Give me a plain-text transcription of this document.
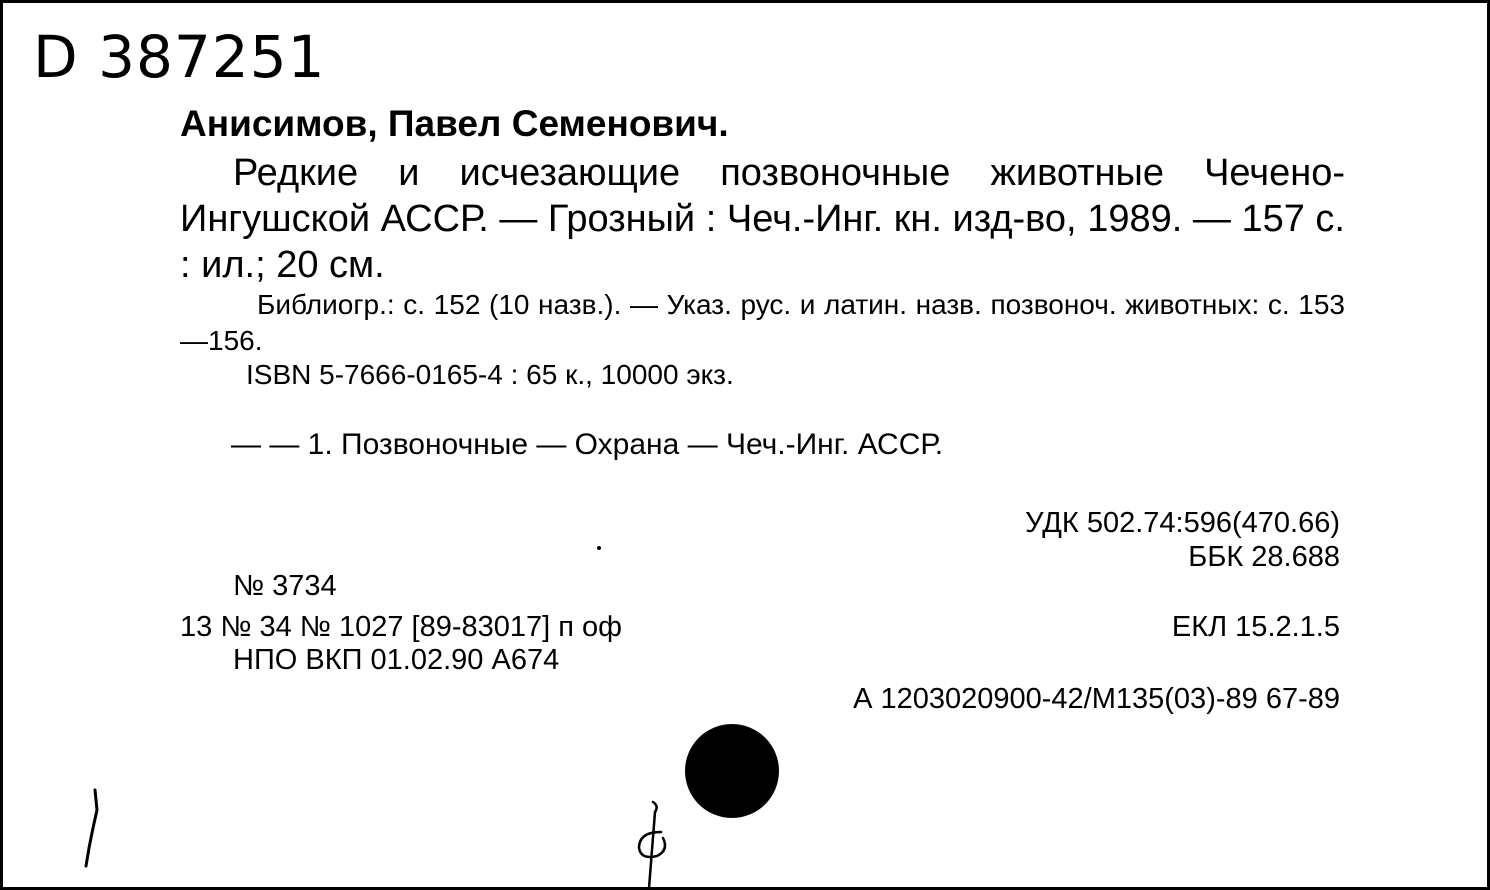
D 387251
Анисимов, Павел Семенович.
Редкие и исчезающие позвоночные животные Чечено-Ингушской АССР. — Грозный : Чеч.-Инг. кн. изд-во, 1989. — 157 с. : ил.; 20 см.
Библиогр.: с. 152 (10 назв.). — Указ. рус. и латин. назв. позвоноч. животных: с. 153—156.
ISBN 5-7666-0165-4 : 65 к., 10000 экз.
— — 1. Позвоночные — Охрана — Чеч.-Инг. АССР.
УДК 502.74:596(470.66)
ББК 28.688
№ 3734
13 № 34 № 1027 [89-83017] п оф	ЕКЛ 15.2.1.5
НПО ВКП 01.02.90 А674
А 1203020900-42/М135(03)-89 67-89
